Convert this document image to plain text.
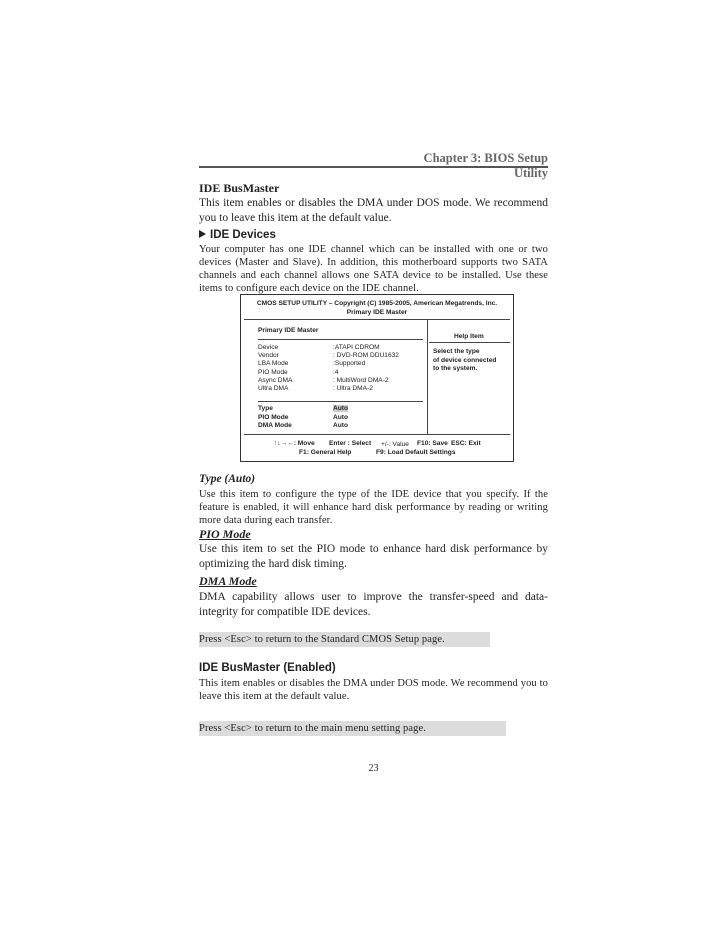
Chapter 3: BIOS Setup Utility
IDE BusMaster
This item enables or disables the DMA under DOS mode. We recommend you to leave this item at the default value.
IDE Devices
Your computer has one IDE channel which can be installed with one or two devices (Master and Slave). In addition, this motherboard supports two SATA channels and each channel allows one SATA device to be installed. Use these items to configure each device on the IDE channel.
CMOS SETUP UTILITY – Copyright (C) 1985-2005, American Megatrends, Inc.
Primary IDE Master
Primary IDE Master
Help Item
Select the type
of device connected
to the system.
Device
Vendor
LBA Mode
PIO Mode
Async DMA
Ultra DMA
:ATAPI CDROM
: DVD-ROM DDU1632
:Supported
:4
: MultiWord DMA-2
: Ultra DMA-2
Type
PIO Mode
DMA Mode
Auto
Auto
Auto
↑↓→←: Move Enter : Select +/-: Value F10: Save ESC: Exit
F1: General Help	F9: Load Default Settings
Type (Auto)
Use this item to configure the type of the IDE device that you specify. If the feature is enabled, it will enhance hard disk performance by reading or writing more data during each transfer.
PIO Mode
Use this item to set the PIO mode to enhance hard disk performance by optimizing the hard disk timing.
DMA Mode
DMA capability allows user to improve the transfer-speed and data-integrity for compatible IDE devices.
Press <Esc> to return to the Standard CMOS Setup page.
IDE BusMaster (Enabled)
This item enables or disables the DMA under DOS mode. We recommend you to leave this item at the default value.
Press <Esc> to return to the main menu setting page.
23
